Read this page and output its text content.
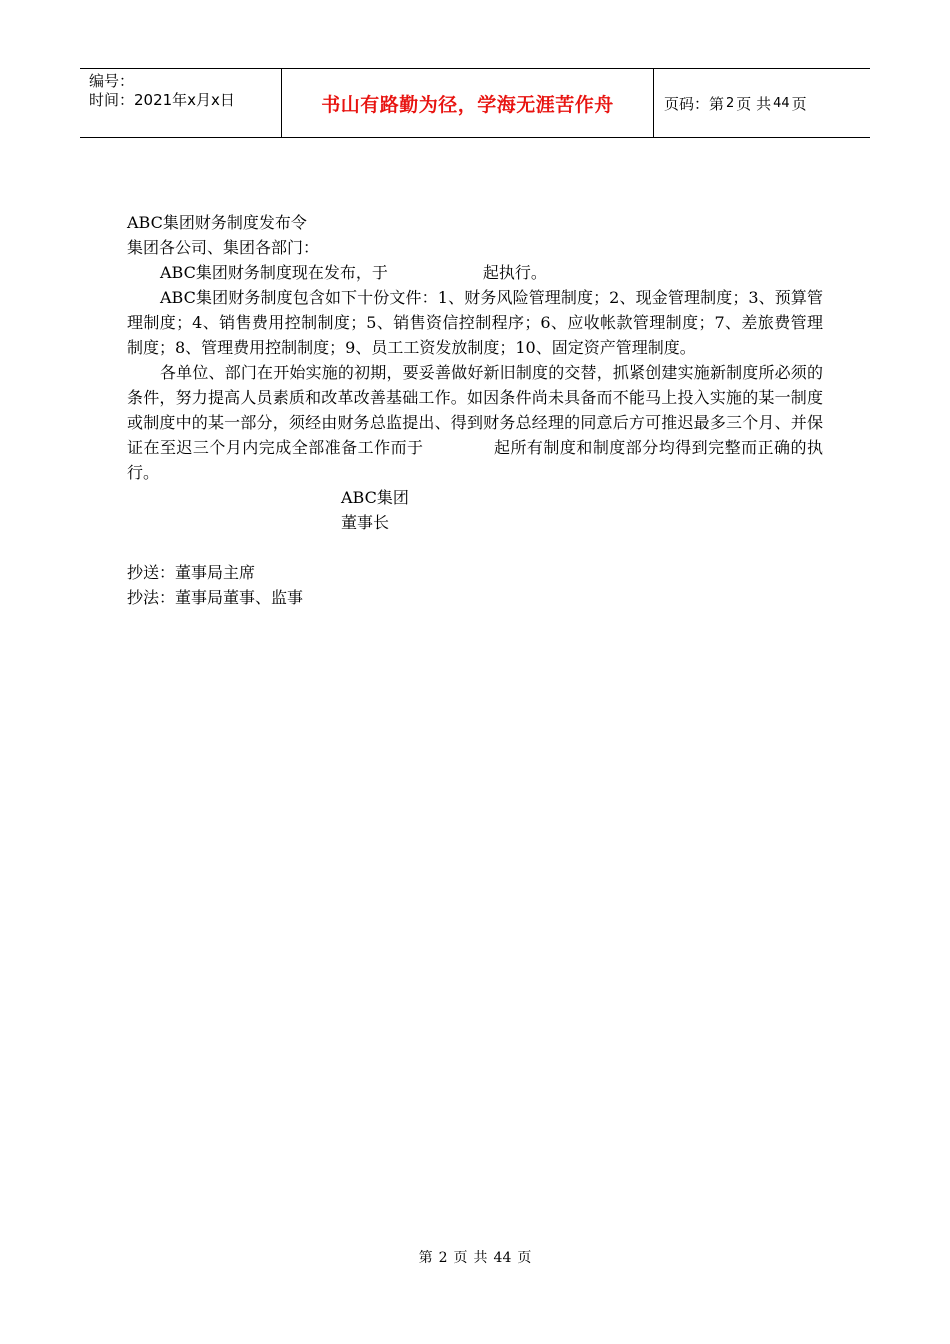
编号：
时间：2021年x月x日	书山有路勤为径，学海无涯苦作舟	页码：第 2 页 共 44 页
ABC集团财务制度发布令
集团各公司、集团各部门：
ABC集团财务制度现在发布，于	起执行。

ABC集团财务制度包含如下十份文件：1、财务风险管理制度；2、现金管理制度；3、预算管理制度；4、销售费用控制制度；5、销售资信控制程序；6、应收帐款管理制度；7、差旅费管理制度；8、管理费用控制制度；9、员工工资发放制度；10、固定资产管理制度。

各单位、部门在开始实施的初期，要妥善做好新旧制度的交替，抓紧创建实施新制度所必须的条件，努力提高人员素质和改革改善基础工作。如因条件尚未具备而不能马上投入实施的某一制度或制度中的某一部分，须经由财务总监提出、得到财务总经理的同意后方可推迟最多三个月、并保证在至迟三个月内完成全部准备工作而于	起所有制度和制度部分均得到完整而正确的执行。

ABC集团
董事长
抄送：董事局主席
抄法：董事局董事、监事
第 2 页 共 44 页
